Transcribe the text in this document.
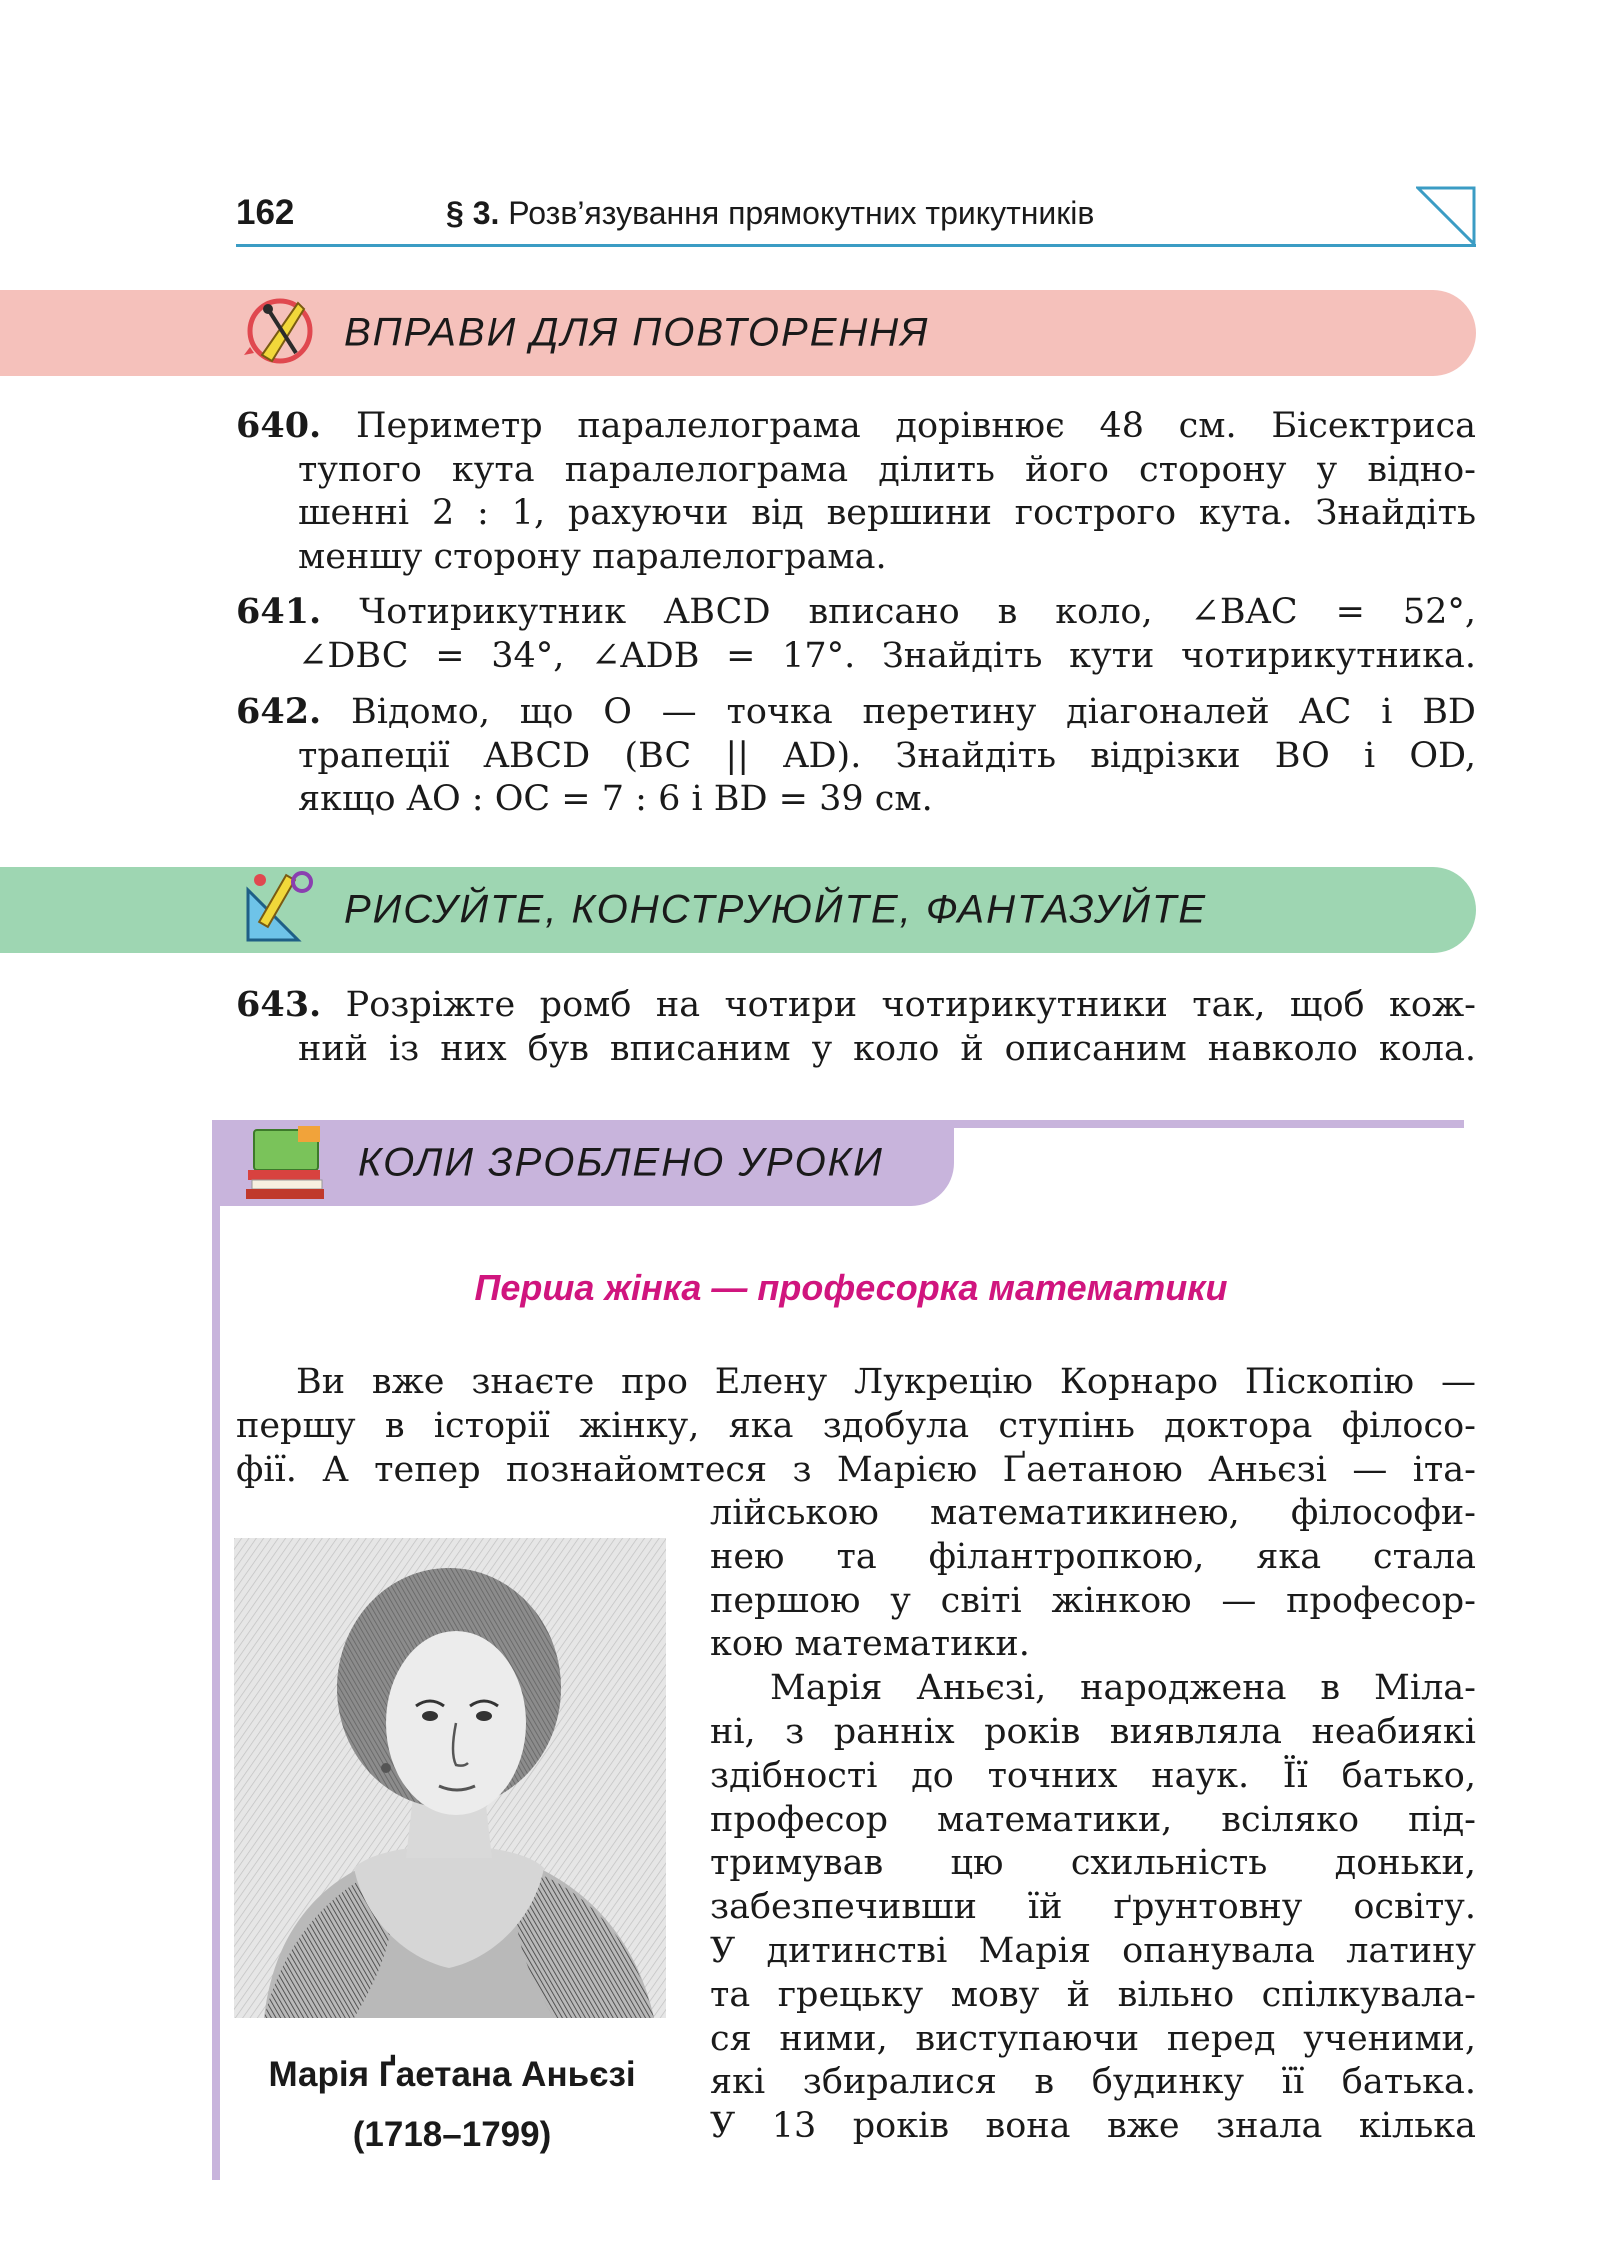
162	§ 3. Розв’язування прямокутних трикутників
ВПРАВИ ДЛЯ ПОВТОРЕННЯ
640. Периметр паралелограма дорівнює 48 см. Бісектриса
тупого кута паралелограма ділить його сторону у відно-
шенні 2 : 1, рахуючи від вершини гострого кута. Знайдіть
меншу сторону паралелограма.
641. Чотирикутник ABCD вписано в коло, ∠BAC = 52°,
∠DBC = 34°, ∠ADB = 17°. Знайдіть кути чотирикутника.
642. Відомо, що O — точка перетину діагоналей AC і BD
трапеції ABCD (BC || AD). Знайдіть відрізки BO і OD,
якщо AO : OC = 7 : 6 і BD = 39 см.
РИСУЙТЕ, КОНСТРУЮЙТЕ, ФАНТАЗУЙТЕ
643. Розріжте ромб на чотири чотирикутники так, щоб кож-
ний із них був вписаним у коло й описаним навколо кола.
КОЛИ ЗРОБЛЕНО УРОКИ
Перша жінка — професорка математики
Ви вже знаєте про Елену Лукрецію Корнаро Піскопію —
першу в історії жінку, яка здобула ступінь доктора філосо-
фії. А тепер познайомтеся з Марією Ґаетаною Аньєзі — іта-
Марія Ґаетана Аньєзі
(1718–1799)
лійською математикинею, філософи-
нею та філантропкою, яка стала
першою у світі жінкою — професор-
кою математики.
Марія Аньєзі, народжена в Міла-
ні, з ранніх років виявляла неабиякі
здібності до точних наук. Її батько,
професор математики, всіляко під-
тримував цю схильність доньки,
забезпечивши їй ґрунтовну освіту.
У дитинстві Марія опанувала латину
та грецьку мову й вільно спілкувала-
ся ними, виступаючи перед ученими,
які збиралися в будинку її батька.
У 13 років вона вже знала кілька
